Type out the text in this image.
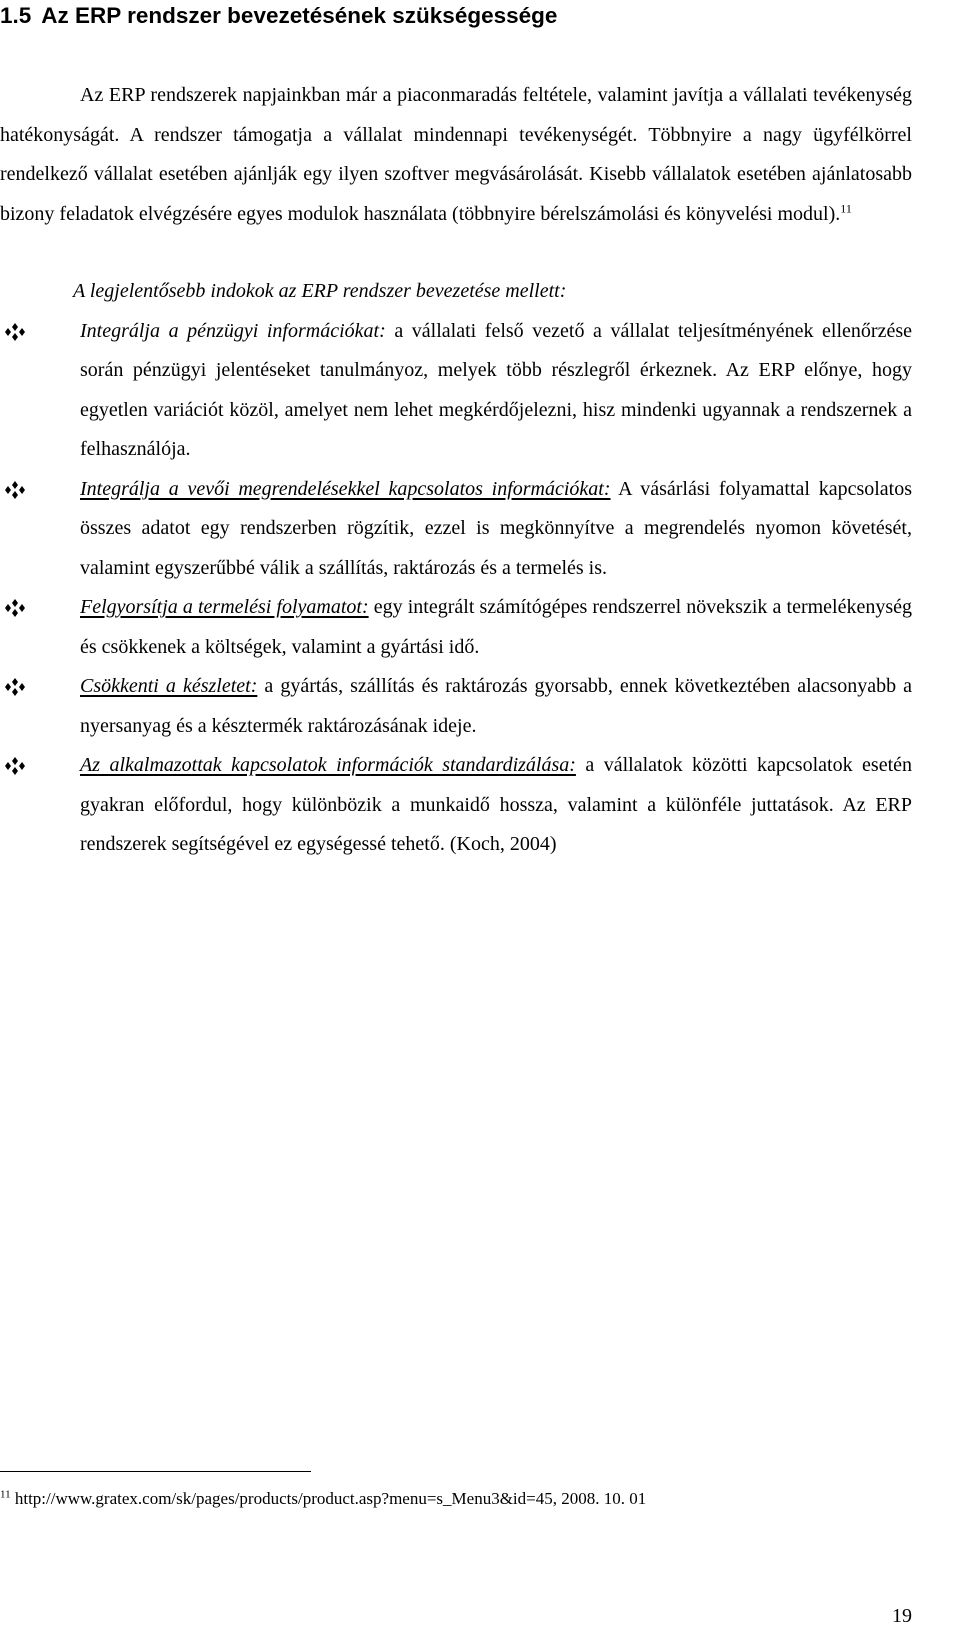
1.5 Az ERP rendszer bevezetésének szükségessége

Az ERP rendszerek napjainkban már a piaconmaradás feltétele, valamint javítja a vállalati tevékenység hatékonyságát. A rendszer támogatja a vállalat mindennapi tevékenységét. Többnyire a nagy ügyfélkörrel rendelkező vállalat esetében ajánlják egy ilyen szoftver megvásárolását. Kisebb vállalatok esetében ajánlatosabb bizony feladatok elvégzésére egyes modulok használata (többnyire bérelszámolási és könyvelési modul).$^{11}$

A legjelentősebb indokok az ERP rendszer bevezetése mellett:

Integrálja a pénzügyi információkat: a vállalati felső vezető a vállalat teljesítményének ellenőrzése során pénzügyi jelentéseket tanulmányoz, melyek több részlegről érkeznek. Az ERP előnye, hogy egyetlen variációt közöl, amelyet nem lehet megkérdőjelezni, hisz mindenki ugyannak a rendszernek a felhasználója.
Integrálja a vevői megrendelésekkel kapcsolatos információkat: A vásárlási folyamattal kapcsolatos összes adatot egy rendszerben rögzítik, ezzel is megkönnyítve a megrendelés nyomon követését, valamint egyszerűbbé válik a szállítás, raktározás és a termelés is.
Felgyorsítja a termelési folyamatot: egy integrált számítógépes rendszerrel növekszik a termelékenység és csökkenek a költségek, valamint a gyártási idő.
Csökkenti a készletet: a gyártás, szállítás és raktározás gyorsabb, ennek következtében alacsonyabb a nyersanyag és a késztermék raktározásának ideje.
Az alkalmazottak kapcsolatok információk standardizálása: a vállalatok közötti kapcsolatok esetén gyakran előfordul, hogy különbözik a munkaidő hossza, valamint a különféle juttatások. Az ERP rendszerek segítségével ez egységessé tehető. (Koch, 2004)
$^{11}$ http://www.gratex.com/sk/pages/products/product.asp?menu=s_Menu3&id=45, 2008. 10. 01
19
